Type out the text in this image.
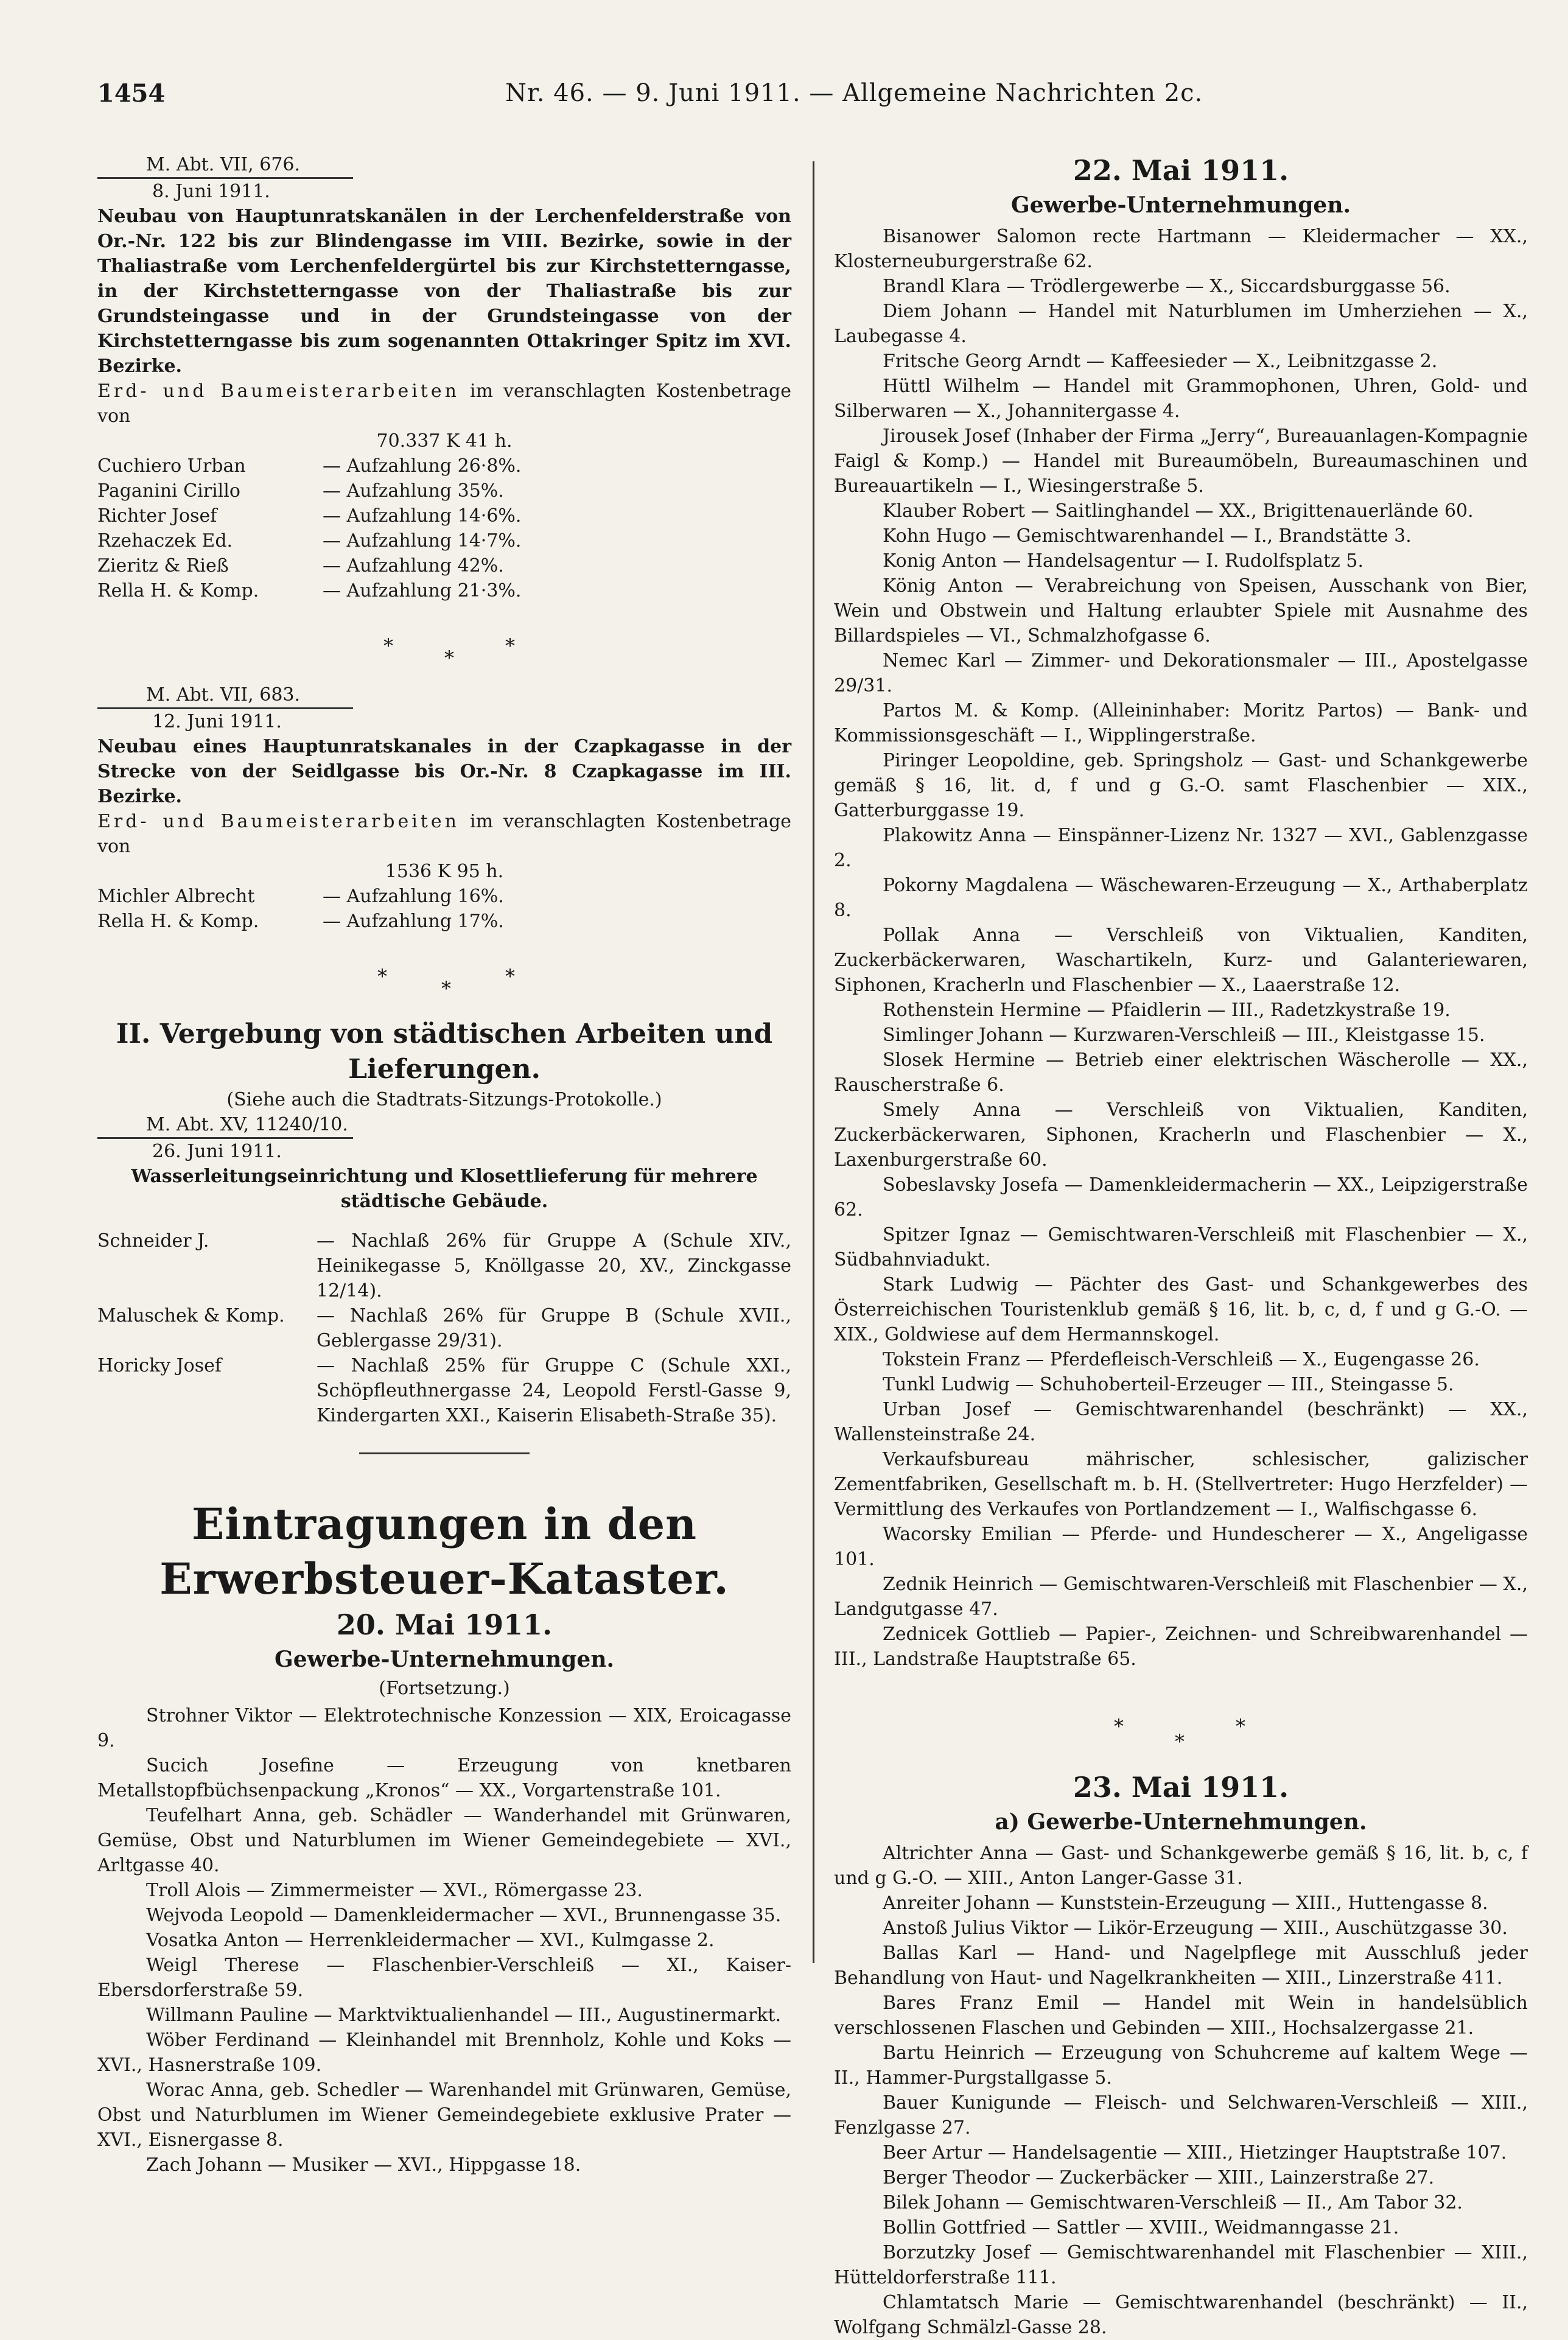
1454	Nr. 46. — 9. Juni 1911. — Allgemeine Nachrichten 2c.
M. Abt. VII, 676.
8. Juni 1911.
Neubau von Hauptunratskanälen in der Lerchenfelderstraße von Or.-Nr. 122 bis zur Blindengasse im VIII. Bezirke, sowie in der Thaliastraße vom Lerchenfeldergürtel bis zur Kirchstetterngasse, in der Kirchstetterngasse von der Thaliastraße bis zur Grundsteingasse und in der Grundsteingasse von der Kirchstetterngasse bis zum sogenannten Ottakringer Spitz im XVI. Bezirke.
Erd- und Baumeisterarbeiten im veranschlagten Kostenbetrage von
70.337 K 41 h.
Cuchiero Urban	— Aufzahlung 26·8%.
Paganini Cirillo	— Aufzahlung 35%.
Richter Josef	— Aufzahlung 14·6%.
Rzehaczek Ed.	— Aufzahlung 14·7%.
Zieritz & Rieß	— Aufzahlung 42%.
Rella H. & Komp.	— Aufzahlung 21·3%.
*
*
*
M. Abt. VII, 683.
12. Juni 1911.
Neubau eines Hauptunratskanales in der Czapkagasse in der Strecke von der Seidlgasse bis Or.-Nr. 8 Czapkagasse im III. Bezirke.
Erd- und Baumeisterarbeiten im veranschlagten Kostenbetrage von
1536 K 95 h.
Michler Albrecht	— Aufzahlung 16%.
Rella H. & Komp.	— Aufzahlung 17%.
*
*
*
II. Vergebung von städtischen Arbeiten und
Lieferungen.
(Siehe auch die Stadtrats-Sitzungs-Protokolle.)
M. Abt. XV, 11240/10.
26. Juni 1911.
Wasserleitungseinrichtung und Klosettlieferung für mehrere städtische Gebäude.
Schneider J.	— Nachlaß 26% für Gruppe A (Schule XIV., Heinikegasse 5, Knöllgasse 20, XV., Zinckgasse 12/14).
Maluschek & Komp.	— Nachlaß 26% für Gruppe B (Schule XVII., Geblergasse 29/31).
Horicky Josef	— Nachlaß 25% für Gruppe C (Schule XXI., Schöpfleuthnergasse 24, Leopold Ferstl-Gasse 9, Kindergarten XXI., Kaiserin Elisabeth-Straße 35).
Eintragungen in den Erwerbsteuer-Kataster.
20. Mai 1911.
Gewerbe-Unternehmungen.
(Fortsetzung.)
Strohner Viktor — Elektrotechnische Konzession — XIX, Eroicagasse 9.
Sucich Josefine — Erzeugung von knetbaren Metallstopfbüchsenpackung „Kronos“ — XX., Vorgartenstraße 101.
Teufelhart Anna, geb. Schädler — Wanderhandel mit Grünwaren, Gemüse, Obst und Naturblumen im Wiener Gemeindegebiete — XVI., Arltgasse 40.
Troll Alois — Zimmermeister — XVI., Römergasse 23.
Wejvoda Leopold — Damenkleidermacher — XVI., Brunnengasse 35.
Vosatka Anton — Herrenkleidermacher — XVI., Kulmgasse 2.
Weigl Therese — Flaschenbier-Verschleiß — XI., Kaiser-Ebersdorferstraße 59.
Willmann Pauline — Marktviktualienhandel — III., Augustinermarkt.
Wöber Ferdinand — Kleinhandel mit Brennholz, Kohle und Koks — XVI., Hasnerstraße 109.
Worac Anna, geb. Schedler — Warenhandel mit Grünwaren, Gemüse, Obst und Naturblumen im Wiener Gemeindegebiete exklusive Prater — XVI., Eisnergasse 8.
Zach Johann — Musiker — XVI., Hippgasse 18.
22. Mai 1911.
Gewerbe-Unternehmungen.
Bisanower Salomon recte Hartmann — Kleidermacher — XX., Klosterneuburgerstraße 62.
Brandl Klara — Trödlergewerbe — X., Siccardsburggasse 56.
Diem Johann — Handel mit Naturblumen im Umherziehen — X., Laubegasse 4.
Fritsche Georg Arndt — Kaffeesieder — X., Leibnitzgasse 2.
Hüttl Wilhelm — Handel mit Grammophonen, Uhren, Gold- und Silberwaren — X., Johannitergasse 4.
Jirousek Josef (Inhaber der Firma „Jerry“, Bureauanlagen-Kompagnie Faigl & Komp.) — Handel mit Bureaumöbeln, Bureaumaschinen und Bureauartikeln — I., Wiesingerstraße 5.
Klauber Robert — Saitlinghandel — XX., Brigittenauerlände 60.
Kohn Hugo — Gemischtwarenhandel — I., Brandstätte 3.
Konig Anton — Handelsagentur — I. Rudolfsplatz 5.
König Anton — Verabreichung von Speisen, Ausschank von Bier, Wein und Obstwein und Haltung erlaubter Spiele mit Ausnahme des Billardspieles — VI., Schmalzhofgasse 6.
Nemec Karl — Zimmer- und Dekorationsmaler — III., Apostelgasse 29/31.
Partos M. & Komp. (Alleininhaber: Moritz Partos) — Bank- und Kommissionsgeschäft — I., Wipplingerstraße.
Piringer Leopoldine, geb. Springsholz — Gast- und Schankgewerbe gemäß § 16, lit. d, f und g G.-O. samt Flaschenbier — XIX., Gatterburggasse 19.
Plakowitz Anna — Einspänner-Lizenz Nr. 1327 — XVI., Gablenzgasse 2.
Pokorny Magdalena — Wäschewaren-Erzeugung — X., Arthaberplatz 8.
Pollak Anna — Verschleiß von Viktualien, Kanditen, Zuckerbäckerwaren, Waschartikeln, Kurz- und Galanteriewaren, Siphonen, Kracherln und Flaschenbier — X., Laaerstraße 12.
Rothenstein Hermine — Pfaidlerin — III., Radetzkystraße 19.
Simlinger Johann — Kurzwaren-Verschleiß — III., Kleistgasse 15.
Slosek Hermine — Betrieb einer elektrischen Wäscherolle — XX., Rauscherstraße 6.
Smely Anna — Verschleiß von Viktualien, Kanditen, Zuckerbäckerwaren, Siphonen, Kracherln und Flaschenbier — X., Laxenburgerstraße 60.
Sobeslavsky Josefa — Damenkleidermacherin — XX., Leipzigerstraße 62.
Spitzer Ignaz — Gemischtwaren-Verschleiß mit Flaschenbier — X., Südbahnviadukt.
Stark Ludwig — Pächter des Gast- und Schankgewerbes des Österreichischen Touristenklub gemäß § 16, lit. b, c, d, f und g G.-O. — XIX., Goldwiese auf dem Hermannskogel.
Tokstein Franz — Pferdefleisch-Verschleiß — X., Eugengasse 26.
Tunkl Ludwig — Schuhoberteil-Erzeuger — III., Steingasse 5.
Urban Josef — Gemischtwarenhandel (beschränkt) — XX., Wallensteinstraße 24.
Verkaufsbureau mährischer, schlesischer, galizischer Zementfabriken, Gesellschaft m. b. H. (Stellvertreter: Hugo Herzfelder) — Vermittlung des Verkaufes von Portlandzement — I., Walfischgasse 6.
Wacorsky Emilian — Pferde- und Hundescherer — X., Angeligasse 101.
Zednik Heinrich — Gemischtwaren-Verschleiß mit Flaschenbier — X., Landgutgasse 47.
Zednicek Gottlieb — Papier-, Zeichnen- und Schreibwarenhandel — III., Landstraße Hauptstraße 65.
*
*
*
23. Mai 1911.
a) Gewerbe-Unternehmungen.
Altrichter Anna — Gast- und Schankgewerbe gemäß § 16, lit. b, c, f und g G.-O. — XIII., Anton Langer-Gasse 31.
Anreiter Johann — Kunststein-Erzeugung — XIII., Huttengasse 8.
Anstoß Julius Viktor — Likör-Erzeugung — XIII., Auschützgasse 30.
Ballas Karl — Hand- und Nagelpflege mit Ausschluß jeder Behandlung von Haut- und Nagelkrankheiten — XIII., Linzerstraße 411.
Bares Franz Emil — Handel mit Wein in handelsüblich verschlossenen Flaschen und Gebinden — XIII., Hochsalzergasse 21.
Bartu Heinrich — Erzeugung von Schuhcreme auf kaltem Wege — II., Hammer-Purgstallgasse 5.
Bauer Kunigunde — Fleisch- und Selchwaren-Verschleiß — XIII., Fenzlgasse 27.
Beer Artur — Handelsagentie — XIII., Hietzinger Hauptstraße 107.
Berger Theodor — Zuckerbäcker — XIII., Lainzerstraße 27.
Bilek Johann — Gemischtwaren-Verschleiß — II., Am Tabor 32.
Bollin Gottfried — Sattler — XVIII., Weidmanngasse 21.
Borzutzky Josef — Gemischtwarenhandel mit Flaschenbier — XIII., Hütteldorferstraße 111.
Chlamtatsch Marie — Gemischtwarenhandel (beschränkt) — II., Wolfgang Schmälzl-Gasse 28.
